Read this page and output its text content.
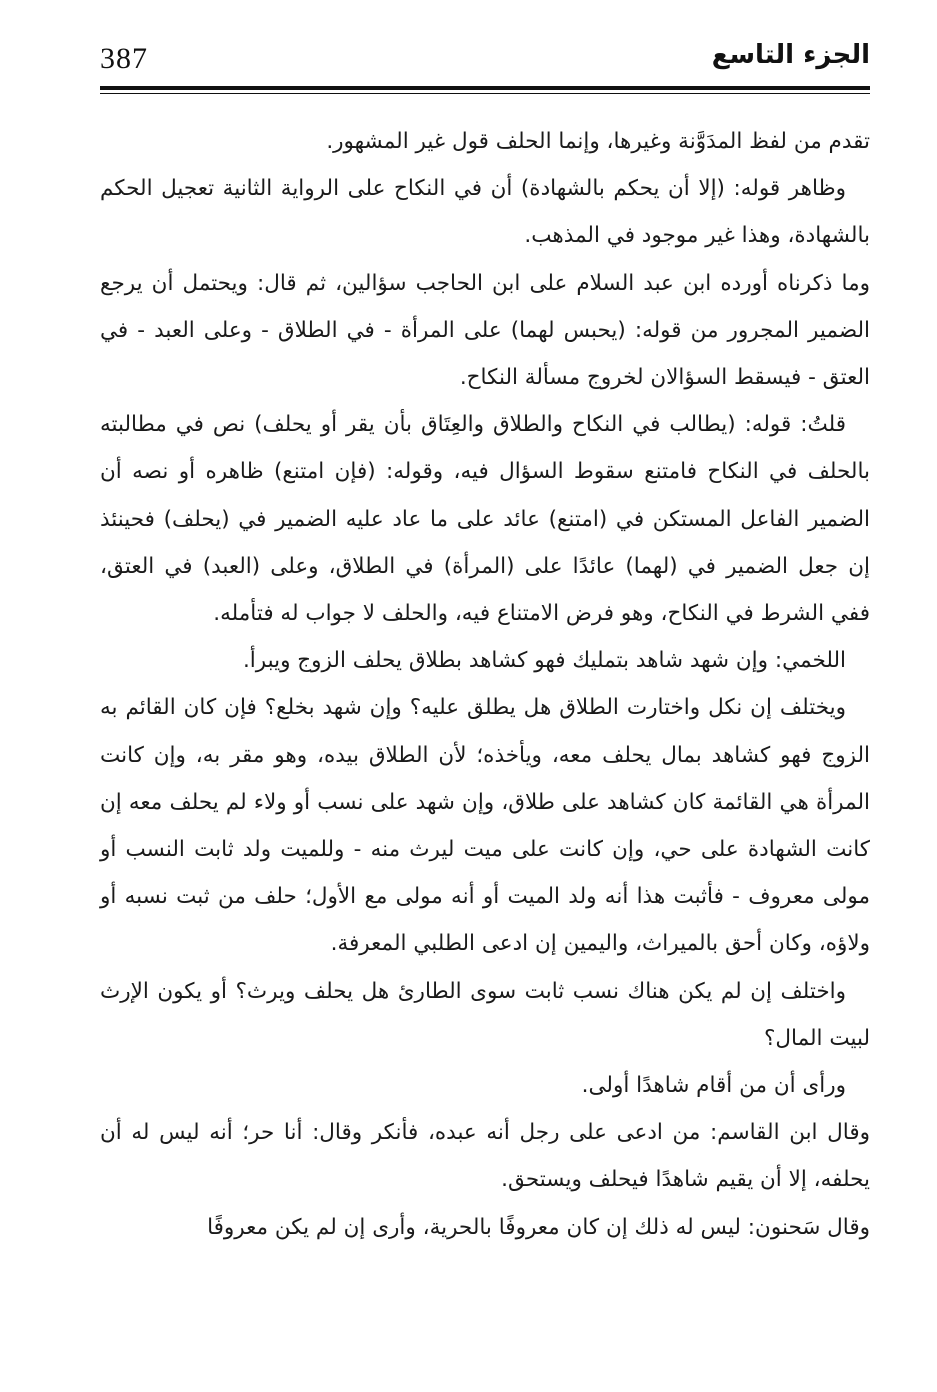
387	الجزء التاسع

تقدم من لفظ المدَوَّنة وغيرها، وإنما الحلف قول غير المشهور.

وظاهر قوله: (إلا أن يحكم بالشهادة) أن في النكاح على الرواية الثانية تعجيل الحكم بالشهادة، وهذا غير موجود في المذهب.

وما ذكرناه أورده ابن عبد السلام على ابن الحاجب سؤالين، ثم قال: ويحتمل أن يرجع الضمير المجرور من قوله: (يحبس لهما) على المرأة - في الطلاق - وعلى العبد - في العتق - فيسقط السؤالان لخروج مسألة النكاح.

قلتُ: قوله: (يطالب في النكاح والطلاق والعِتَاق بأن يقر أو يحلف) نص في مطالبته بالحلف في النكاح فامتنع سقوط السؤال فيه، وقوله: (فإن امتنع) ظاهره أو نصه أن الضمير الفاعل المستكن في (امتنع) عائد على ما عاد عليه الضمير في (يحلف) فحينئذ إن جعل الضمير في (لهما) عائدًا على (المرأة) في الطلاق، وعلى (العبد) في العتق، ففي الشرط في النكاح، وهو فرض الامتناع فيه، والحلف لا جواب له فتأمله.

اللخمي: وإن شهد شاهد بتمليك فهو كشاهد بطلاق يحلف الزوج ويبرأ.

ويختلف إن نكل واختارت الطلاق هل يطلق عليه؟ وإن شهد بخلع؟ فإن كان القائم به الزوج فهو كشاهد بمال يحلف معه، ويأخذه؛ لأن الطلاق بيده، وهو مقر به، وإن كانت المرأة هي القائمة كان كشاهد على طلاق، وإن شهد على نسب أو ولاء لم يحلف معه إن كانت الشهادة على حي، وإن كانت على ميت ليرث منه - وللميت ولد ثابت النسب أو مولى معروف - فأثبت هذا أنه ولد الميت أو أنه مولى مع الأول؛ حلف من ثبت نسبه أو ولاؤه، وكان أحق بالميراث، واليمين إن ادعى الطلبي المعرفة.

واختلف إن لم يكن هناك نسب ثابت سوى الطارئ هل يحلف ويرث؟ أو يكون الإرث لبيت المال؟

ورأى أن من أقام شاهدًا أولى.

وقال ابن القاسم: من ادعى على رجل أنه عبده، فأنكر وقال: أنا حر؛ أنه ليس له أن يحلفه، إلا أن يقيم شاهدًا فيحلف ويستحق.

وقال سَحنون: ليس له ذلك إن كان معروفًا بالحرية، وأرى إن لم يكن معروفًا
